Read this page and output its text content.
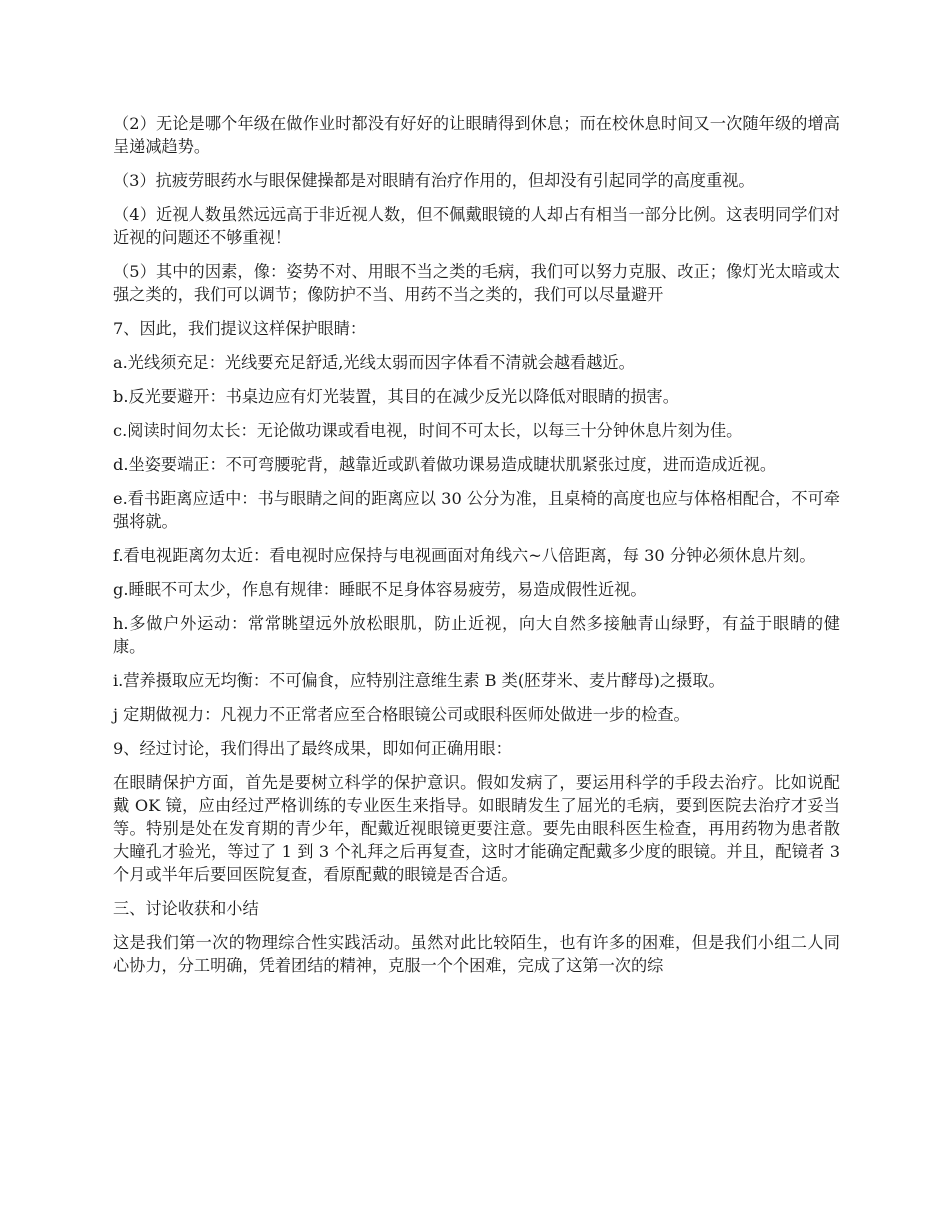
（2）无论是哪个年级在做作业时都没有好好的让眼睛得到休息；而在校休息时间又一次随年级的增高呈递减趋势。

（3）抗疲劳眼药水与眼保健操都是对眼睛有治疗作用的，但却没有引起同学的高度重视。

（4）近视人数虽然远远高于非近视人数，但不佩戴眼镜的人却占有相当一部分比例。这表明同学们对近视的问题还不够重视！

（5）其中的因素，像：姿势不对、用眼不当之类的毛病，我们可以努力克服、改正；像灯光太暗或太强之类的，我们可以调节；像防护不当、用药不当之类的，我们可以尽量避开

7、因此，我们提议这样保护眼睛：

a.光线须充足：光线要充足舒适,光线太弱而因字体看不清就会越看越近。

b.反光要避开：书桌边应有灯光装置，其目的在减少反光以降低对眼睛的损害。

c.阅读时间勿太长：无论做功课或看电视，时间不可太长，以每三十分钟休息片刻为佳。

d.坐姿要端正：不可弯腰驼背，越靠近或趴着做功课易造成睫状肌紧张过度，进而造成近视。

e.看书距离应适中：书与眼睛之间的距离应以 30 公分为准，且桌椅的高度也应与体格相配合，不可牵强将就。

f.看电视距离勿太近：看电视时应保持与电视画面对角线六~八倍距离，每 30 分钟必须休息片刻。

g.睡眠不可太少，作息有规律：睡眠不足身体容易疲劳，易造成假性近视。

h.多做户外运动：常常眺望远外放松眼肌，防止近视，向大自然多接触青山绿野，有益于眼睛的健康。

i.营养摄取应无均衡：不可偏食，应特别注意维生素 B 类(胚芽米、麦片酵母)之摄取。

j 定期做视力：凡视力不正常者应至合格眼镜公司或眼科医师处做进一步的检查。

9、经过讨论，我们得出了最终成果，即如何正确用眼：

在眼睛保护方面，首先是要树立科学的保护意识。假如发病了，要运用科学的手段去治疗。比如说配戴 OK 镜，应由经过严格训练的专业医生来指导。如眼睛发生了屈光的毛病，要到医院去治疗才妥当等。特别是处在发育期的青少年，配戴近视眼镜更要注意。要先由眼科医生检查，再用药物为患者散大瞳孔才验光，等过了 1 到 3 个礼拜之后再复查，这时才能确定配戴多少度的眼镜。并且，配镜者 3 个月或半年后要回医院复查，看原配戴的眼镜是否合适。

三、讨论收获和小结

这是我们第一次的物理综合性实践活动。虽然对此比较陌生，也有许多的困难，但是我们小组二人同心协力，分工明确，凭着团结的精神，克服一个个困难，完成了这第一次的综
